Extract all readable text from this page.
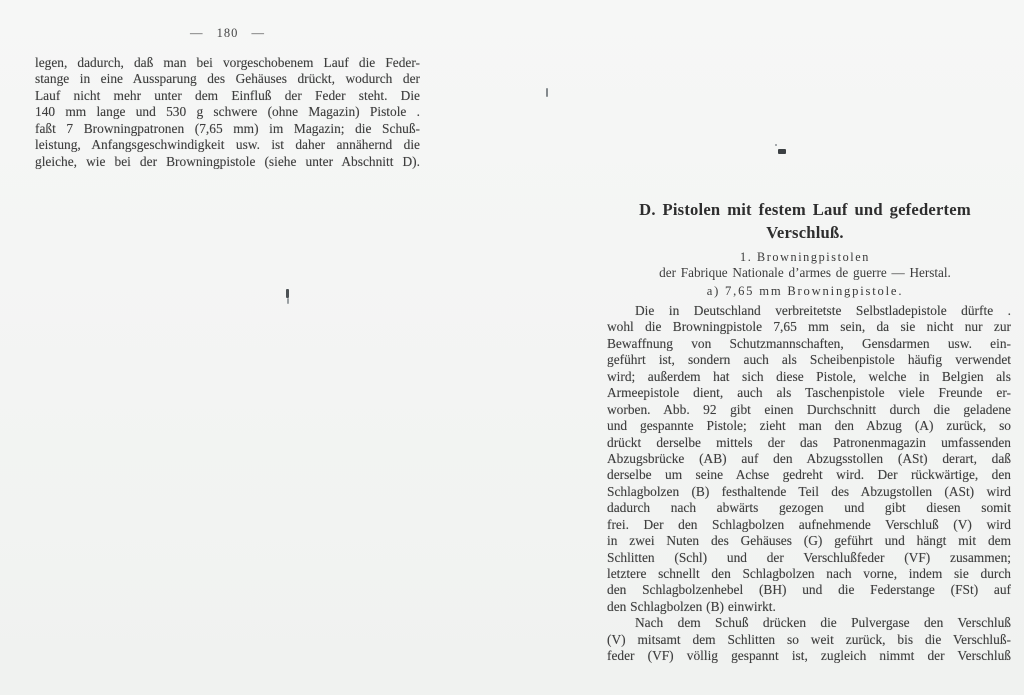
— 180 —
legen, dadurch, daß man bei vorgeschobenem Lauf die Feder-
stange in eine Aussparung des Gehäuses drückt, wodurch der
Lauf nicht mehr unter dem Einfluß der Feder steht. Die
140 mm lange und 530 g schwere (ohne Magazin) Pistole .
faßt 7 Browningpatronen (7,65 mm) im Magazin; die Schuß-
leistung, Anfangsgeschwindigkeit usw. ist daher annähernd die
gleiche, wie bei der Browningpistole (siehe unter Abschnitt D).
D. Pistolen mit festem Lauf und gefedertem
Verschluß.
1. Browningpistolen
der Fabrique Nationale d’armes de guerre — Herstal.
a) 7,65 mm Browningpistole.
Die in Deutschland verbreitetste Selbstladepistole dürfte .
wohl die Browningpistole 7,65 mm sein, da sie nicht nur zur
Bewaffnung von Schutzmannschaften, Gensdarmen usw. ein-
geführt ist, sondern auch als Scheibenpistole häufig verwendet
wird; außerdem hat sich diese Pistole, welche in Belgien als
Armeepistole dient, auch als Taschenpistole viele Freunde er-
worben. Abb. 92 gibt einen Durchschnitt durch die geladene
und gespannte Pistole; zieht man den Abzug (A) zurück, so
drückt derselbe mittels der das Patronenmagazin umfassenden
Abzugsbrücke (AB) auf den Abzugsstollen (ASt) derart, daß
derselbe um seine Achse gedreht wird. Der rückwärtige, den
Schlagbolzen (B) festhaltende Teil des Abzugstollen (ASt) wird
dadurch nach abwärts gezogen und gibt diesen somit
frei. Der den Schlagbolzen aufnehmende Verschluß (V) wird
in zwei Nuten des Gehäuses (G) geführt und hängt mit dem
Schlitten (Schl) und der Verschlußfeder (VF) zusammen;
letztere schnellt den Schlagbolzen nach vorne, indem sie durch
den Schlagbolzenhebel (BH) und die Federstange (FSt) auf
den Schlagbolzen (B) einwirkt.
Nach dem Schuß drücken die Pulvergase den Verschluß
(V) mitsamt dem Schlitten so weit zurück, bis die Verschluß-
feder (VF) völlig gespannt ist, zugleich nimmt der Verschluß
